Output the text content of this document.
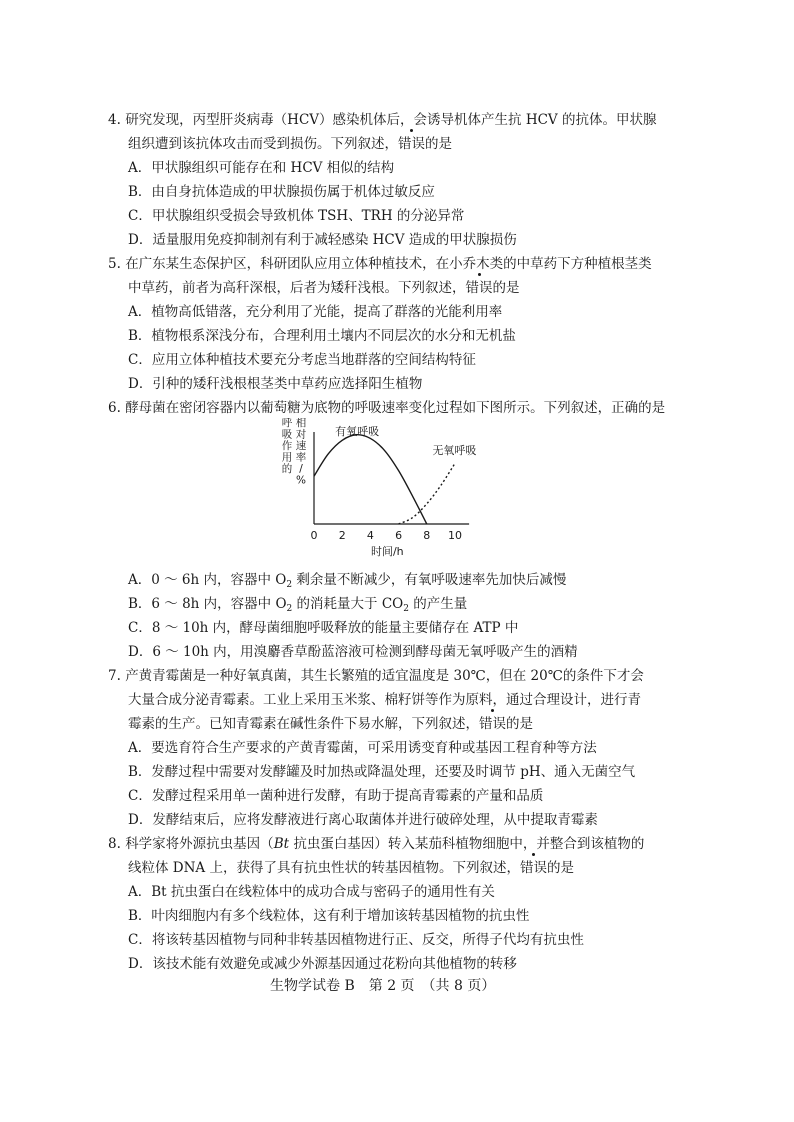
4. 研究发现，丙型肝炎病毒（HCV）感染机体后，会诱导机体产生抗 HCV 的抗体。甲状腺
组织遭到该抗体攻击而受到损伤。下列叙述，错误的是
A．甲状腺组织可能存在和 HCV 相似的结构
B．由自身抗体造成的甲状腺损伤属于机体过敏反应
C．甲状腺组织受损会导致机体 TSH、TRH 的分泌异常
D．适量服用免疫抑制剂有利于减轻感染 HCV 造成的甲状腺损伤
5. 在广东某生态保护区，科研团队应用立体种植技术，在小乔木类的中草药下方种植根茎类
中草药，前者为高秆深根，后者为矮秆浅根。下列叙述，错误的是
A．植物高低错落，充分利用了光能，提高了群落的光能利用率
B．植物根系深浅分布，合理利用土壤内不同层次的水分和无机盐
C．应用立体种植技术要充分考虑当地群落的空间结构特征
D．引种的矮秆浅根根茎类中草药应选择阳生植物
6. 酵母菌在密闭容器内以葡萄糖为底物的呼吸速率变化过程如下图所示。下列叙述，正确的是
0 2 4 6 8 10
时间/h
呼
吸
作
用
的
相
对
速
率
/
%
有氧呼吸
无氧呼吸
A．0 ～ 6h 内，容器中 $O_2$ 剩余量不断减少，有氧呼吸速率先加快后减慢
B．6 ～ 8h 内，容器中 $O_2$ 的消耗量大于 $CO_2$ 的产生量
C．8 ～ 10h 内，酵母菌细胞呼吸释放的能量主要储存在 ATP 中
D．6 ～ 10h 内，用溴麝香草酚蓝溶液可检测到酵母菌无氧呼吸产生的酒精
7. 产黄青霉菌是一种好氧真菌，其生长繁殖的适宜温度是 30℃，但在 20℃的条件下才会
大量合成分泌青霉素。工业上采用玉米浆、棉籽饼等作为原料，通过合理设计，进行青
霉素的生产。已知青霉素在碱性条件下易水解，下列叙述，错误的是
A．要选育符合生产要求的产黄青霉菌，可采用诱变育种或基因工程育种等方法
B．发酵过程中需要对发酵罐及时加热或降温处理，还要及时调节 pH、通入无菌空气
C．发酵过程采用单一菌种进行发酵，有助于提高青霉素的产量和品质
D．发酵结束后，应将发酵液进行离心取菌体并进行破碎处理，从中提取青霉素
8. 科学家将外源抗虫基因（Bt 抗虫蛋白基因）转入某茄科植物细胞中，并整合到该植物的
线粒体 DNA 上，获得了具有抗虫性状的转基因植物。下列叙述，错误的是
A．Bt 抗虫蛋白在线粒体中的成功合成与密码子的通用性有关
B．叶肉细胞内有多个线粒体，这有利于增加该转基因植物的抗虫性
C．将该转基因植物与同种非转基因植物进行正、反交，所得子代均有抗虫性
D．该技术能有效避免或减少外源基因通过花粉向其他植物的转移
生物学试卷 B　第 2 页　（共 8 页）
